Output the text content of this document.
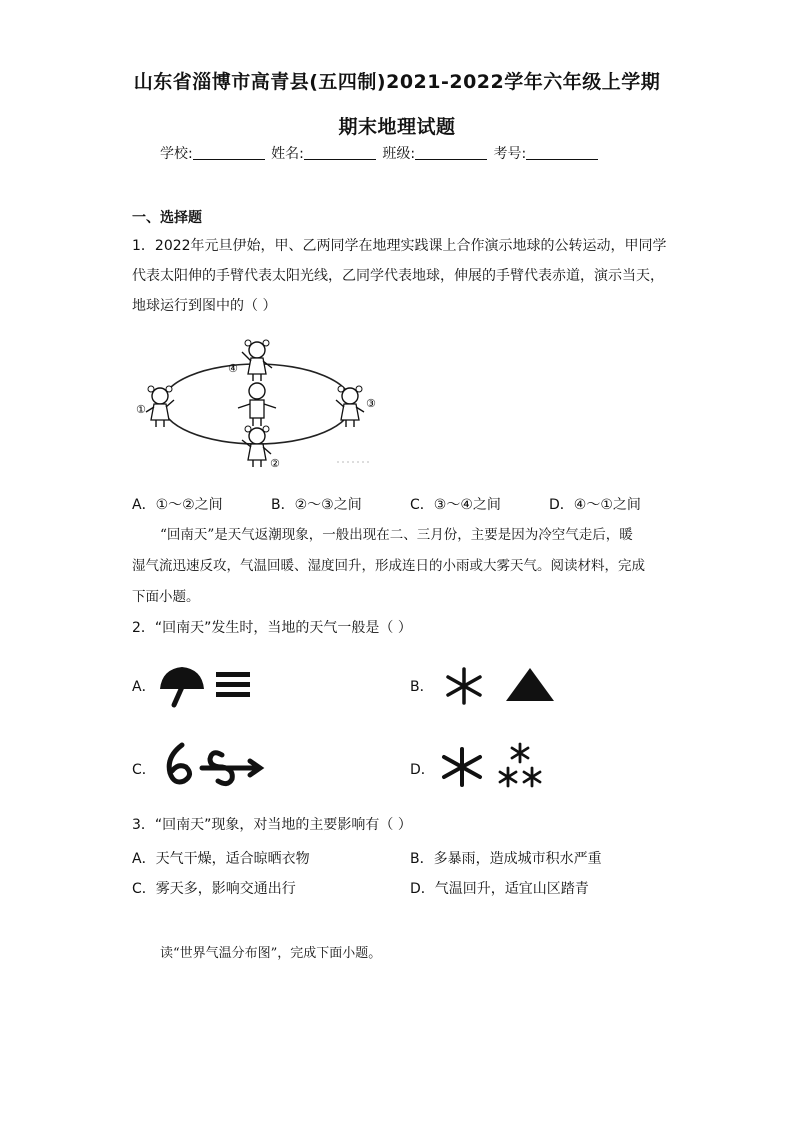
山东省淄博市高青县(五四制)2021-2022学年六年级上学期
期末地理试题
学校:	姓名:	班级:	考号:
一、选择题
1．2022年元旦伊始，甲、乙两同学在地理实践课上合作演示地球的公转运动，甲同学
代表太阳伸的手臂代表太阳光线，乙同学代表地球，伸展的手臂代表赤道，演示当天，
地球运行到图中的（ ）
①
②
③
④
A．①～②之间	B．②～③之间	C．③～④之间	D．④～①之间
“回南天”是天气返潮现象，一般出现在二、三月份，主要是因为冷空气走后，暖
湿气流迅速反攻，气温回暖、湿度回升，形成连日的小雨或大雾天气。阅读材料，完成
下面小题。
2．“回南天”发生时，当地的天气一般是（ ）
A．	B．
C．	D．
3．“回南天”现象，对当地的主要影响有（ ）
A．天气干燥，适合晾晒衣物	B．多暴雨，造成城市积水严重
C．雾天多，影响交通出行	D．气温回升，适宜山区踏青
读“世界气温分布图”，完成下面小题。
